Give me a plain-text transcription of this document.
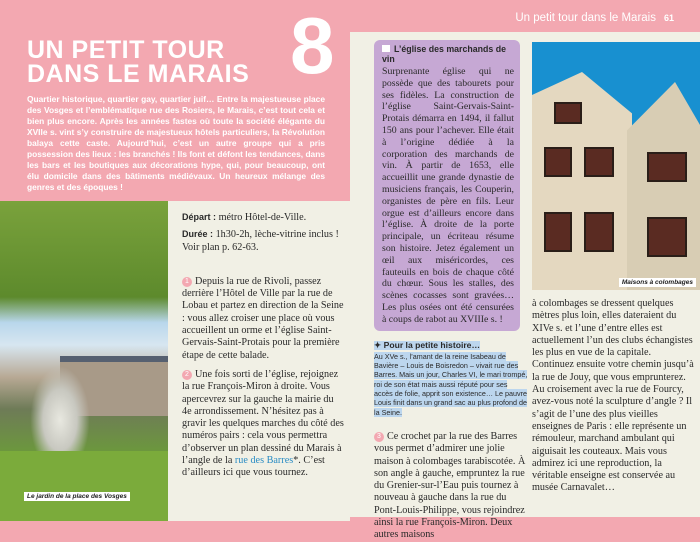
Un petit tour dans le Marais 61
UN PETIT TOUR
DANS LE MARAIS 8
Quartier historique, quartier gay, quartier juif… Entre la majestueuse place des Vosges et l’emblématique rue des Rosiers, le Marais, c’est tout cela et bien plus encore. Après les années fastes où toute la société élégante du XVIIe s. vint s’y construire de majestueux hôtels particuliers, la Révolution balaya cette caste. Aujourd’hui, c’est un autre groupe qui a pris possession des lieux : les branchés ! Ils font et défont les tendances, dans les bars et les boutiques aux décorations hype, qui, pour beaucoup, ont élu domicile dans des bâtiments médiévaux. Un heureux mélange des genres et des époques !
Le jardin de la place des Vosges
Départ : métro Hôtel-de-Ville.
Durée : 1h30-2h, lèche-vitrine inclus !
Voir plan p. 62-63.
1 Depuis la rue de Rivoli, passez derrière l’Hôtel de Ville par la rue de Lobau et partez en direction de la Seine : vous allez croiser une place où vous accueillent un orme et l’église Saint-Gervais-Saint-Protais pour la première étape de cette balade.
2 Une fois sorti de l’église, rejoignez la rue François-Miron à droite. Vous apercevrez sur la gauche la mairie du 4e arrondissement. N’hésitez pas à gravir les quelques marches du côté des numéros pairs : cela vous permettra d’observer un plan dessiné du Marais à l’angle de la rue des Barres*. C’est d’ailleurs ici que vous tournez.
L’église des marchands de vin

Surprenante église qui ne possède que des tabourets pour ses fidèles. La construction de l’église Saint-Gervais-Saint-Protais démarra en 1494, il fallut 150 ans pour l’achever. Elle était à l’origine dédiée à la corporation des marchands de vin. À partir de 1653, elle accueillit une grande dynastie de musiciens français, les Couperin, organistes de père en fils. Leur orgue est d’ailleurs encore dans l’église. À droite de la porte principale, un écriteau résume son histoire. Jetez également un œil aux miséricordes, ces fauteuils en bois de chaque côté du chœur. Sous les stalles, des scènes cocasses sont gravées… Les plus osées ont été censurées à coups de rabot au XVIIIe s. !

✦ Pour la petite histoire…

Au XVe s., l’amant de la reine Isabeau de Bavière – Louis de Boisredon – vivait rue des Barres. Mais un jour, Charles VI, le mari trompé, roi de son état mais aussi réputé pour ses accès de folie, apprit son existence… Le pauvre Louis finit dans un grand sac au plus profond de la Seine.

3 Ce crochet par la rue des Barres vous permet d’admirer une jolie maison à colombages tarabiscotée. À son angle à gauche, empruntez la rue du Grenier-sur-l’Eau puis tournez à nouveau à gauche dans la rue du Pont-Louis-Philippe, vous rejoindrez ainsi la rue François-Miron. Deux autres maisons
Maisons à colombages
à colombages se dressent quelques mètres plus loin, elles dateraient du XIVe s. et l’une d’entre elles est actuellement l’un des clubs échangistes les plus en vue de la capitale. Continuez ensuite votre chemin jusqu’à la rue de Jouy, que vous emprunterez. Au croisement avec la rue de Fourcy, avez-vous noté la sculpture d’angle ? Il s’agit de l’une des plus vieilles enseignes de Paris : elle représente un rémouleur, marchand ambulant qui aiguisait les couteaux. Mais vous admirez ici une reproduction, la véritable enseigne est conservée au musée Carnavalet…
